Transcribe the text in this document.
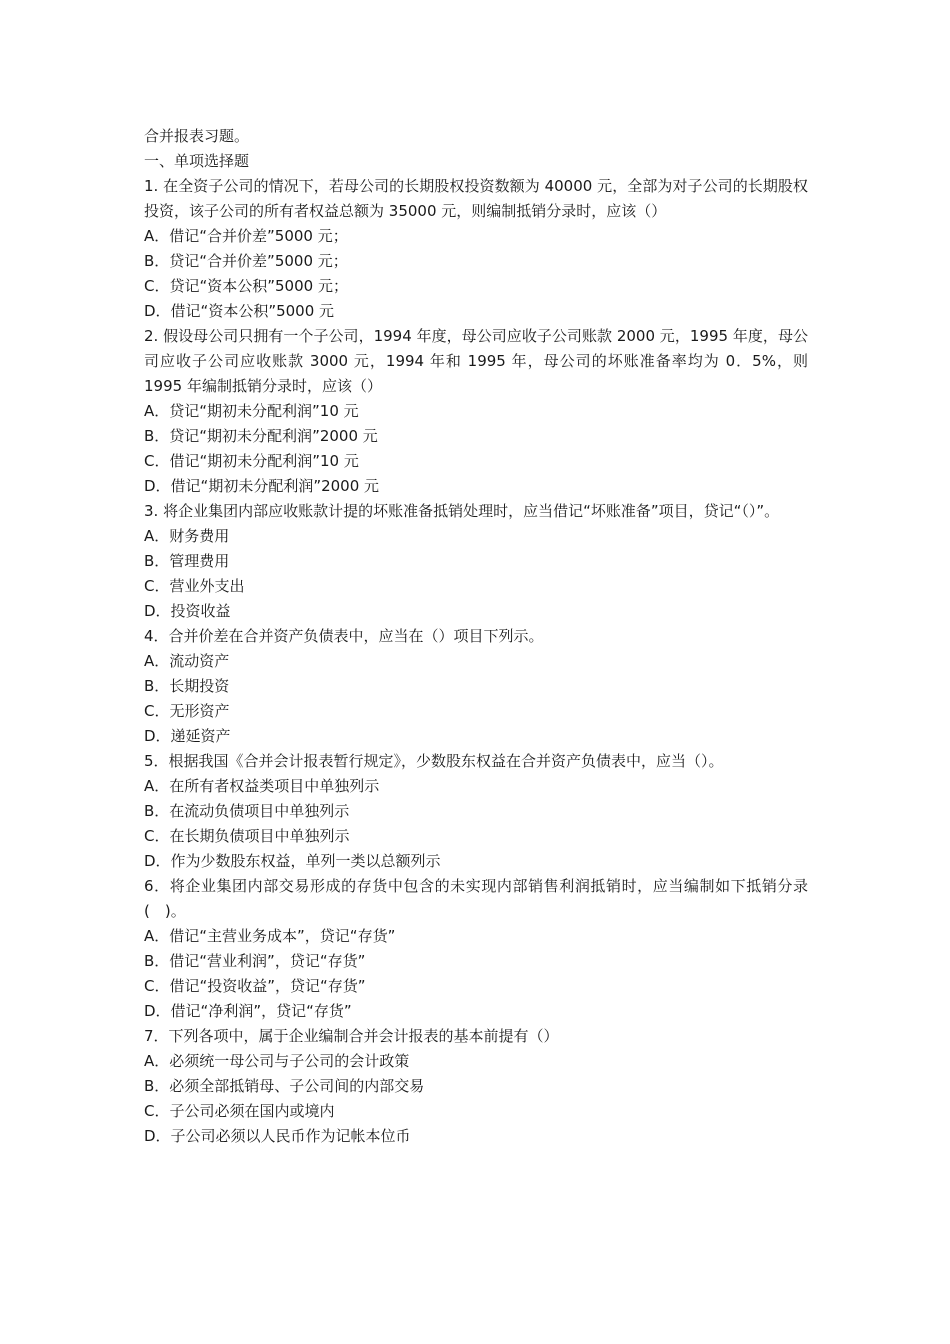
合并报表习题。
一、单项选择题
1. 在全资子公司的情况下，若母公司的长期股权投资数额为 40000 元，全部为对子公司的长期股权投资，该子公司的所有者权益总额为 35000 元，则编制抵销分录时，应该（）
A．借记“合并价差”5000 元；
B．贷记“合并价差”5000 元；
C．贷记“资本公积”5000 元；
D．借记“资本公积”5000 元
2. 假设母公司只拥有一个子公司，1994 年度，母公司应收子公司账款 2000 元，1995 年度，母公司应收子公司应收账款 3000 元，1994 年和 1995 年，母公司的坏账准备率均为 0．5%，则 1995 年编制抵销分录时，应该（）
A．贷记“期初未分配利润”10 元
B．贷记“期初未分配利润”2000 元
C．借记“期初未分配利润”10 元
D．借记“期初未分配利润”2000 元
3. 将企业集团内部应收账款计提的坏账准备抵销处理时，应当借记“坏账准备”项目，贷记“（）”。
A．财务费用
B．管理费用
C．营业外支出
D．投资收益
4．合并价差在合并资产负债表中，应当在（）项目下列示。
A．流动资产
B．长期投资
C．无形资产
D．递延资产
5．根据我国《合并会计报表暂行规定》，少数股东权益在合并资产负债表中，应当（）。
A．在所有者权益类项目中单独列示
B．在流动负债项目中单独列示
C．在长期负债项目中单独列示
D．作为少数股东权益，单列一类以总额列示
6．将企业集团内部交易形成的存货中包含的未实现内部销售利润抵销时，应当编制如下抵销分录(　)。
A．借记“主营业务成本”，贷记“存货”
B．借记“营业利润”，贷记“存货”
C．借记“投资收益”，贷记“存货”
D．借记“净利润”，贷记“存货”
7．下列各项中，属于企业编制合并会计报表的基本前提有（）
A．必须统一母公司与子公司的会计政策
B．必须全部抵销母、子公司间的内部交易
C．子公司必须在国内或境内
D．子公司必须以人民币作为记帐本位币
